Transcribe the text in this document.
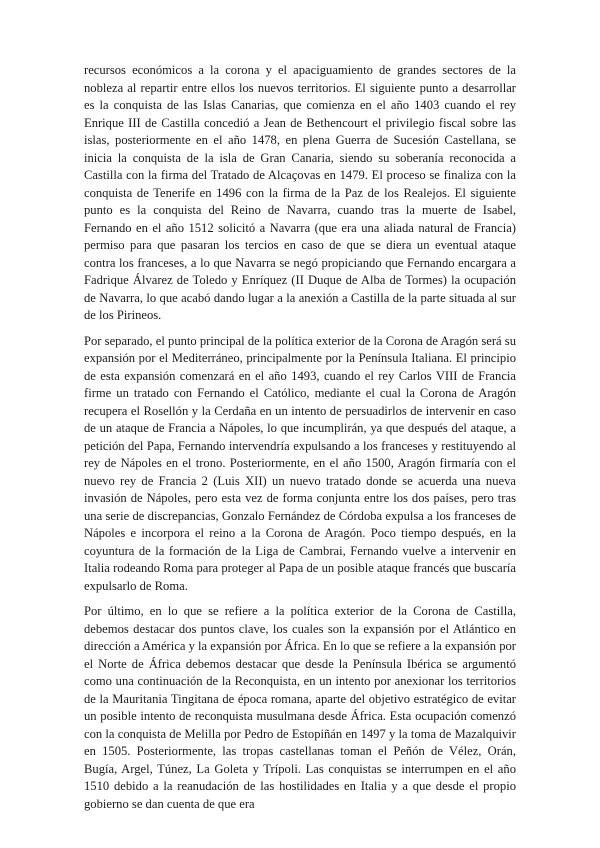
recursos económicos a la corona y el apaciguamiento de grandes sectores de la nobleza al repartir entre ellos los nuevos territorios. El siguiente punto a desarrollar es la conquista de las Islas Canarias, que comienza en el año 1403 cuando el rey Enrique III de Castilla concedió a Jean de Bethencourt el privilegio fiscal sobre las islas, posteriormente en el año 1478, en plena Guerra de Sucesión Castellana, se inicia la conquista de la isla de Gran Canaria, siendo su soberanía reconocida a Castilla con la firma del Tratado de Alcaçovas en 1479. El proceso se finaliza con la conquista de Tenerife en 1496 con la firma de la Paz de los Realejos. El siguiente punto es la conquista del Reino de Navarra, cuando tras la muerte de Isabel, Fernando en el año 1512 solicitó a Navarra (que era una aliada natural de Francia) permiso para que pasaran los tercios en caso de que se diera un eventual ataque contra los franceses, a lo que Navarra se negó propiciando que Fernando encargara a Fadrique Álvarez de Toledo y Enríquez (II Duque de Alba de Tormes) la ocupación de Navarra, lo que acabó dando lugar a la anexión a Castilla de la parte situada al sur de los Pirineos.

Por separado, el punto principal de la política exterior de la Corona de Aragón será su expansión por el Mediterráneo, principalmente por la Península Italiana. El principio de esta expansión comenzará en el año 1493, cuando el rey Carlos VIII de Francia firme un tratado con Fernando el Católico, mediante el cual la Corona de Aragón recupera el Rosellón y la Cerdaña en un intento de persuadirlos de intervenir en caso de un ataque de Francia a Nápoles, lo que incumplirán, ya que después del ataque, a petición del Papa, Fernando intervendría expulsando a los franceses y restituyendo al rey de Nápoles en el trono. Posteriormente, en el año 1500, Aragón firmaría con el nuevo rey de Francia 2 (Luis XII) un nuevo tratado donde se acuerda una nueva invasión de Nápoles, pero esta vez de forma conjunta entre los dos países, pero tras una serie de discrepancias, Gonzalo Fernández de Córdoba expulsa a los franceses de Nápoles e incorpora el reino a la Corona de Aragón. Poco tiempo después, en la coyuntura de la formación de la Liga de Cambrai, Fernando vuelve a intervenir en Italia rodeando Roma para proteger al Papa de un posible ataque francés que buscaría expulsarlo de Roma.

Por último, en lo que se refiere a la política exterior de la Corona de Castilla, debemos destacar dos puntos clave, los cuales son la expansión por el Atlántico en dirección a América y la expansión por África. En lo que se refiere a la expansión por el Norte de África debemos destacar que desde la Península Ibérica se argumentó como una continuación de la Reconquista, en un intento por anexionar los territorios de la Mauritania Tingitana de época romana, aparte del objetivo estratégico de evitar un posible intento de reconquista musulmana desde África. Esta ocupación comenzó con la conquista de Melilla por Pedro de Estopiñán en 1497 y la toma de Mazalquivir en 1505. Posteriormente, las tropas castellanas toman el Peñón de Vélez, Orán, Bugía, Argel, Túnez, La Goleta y Trípoli. Las conquistas se interrumpen en el año 1510 debido a la reanudación de las hostilidades en Italia y a que desde el propio gobierno se dan cuenta de que era
